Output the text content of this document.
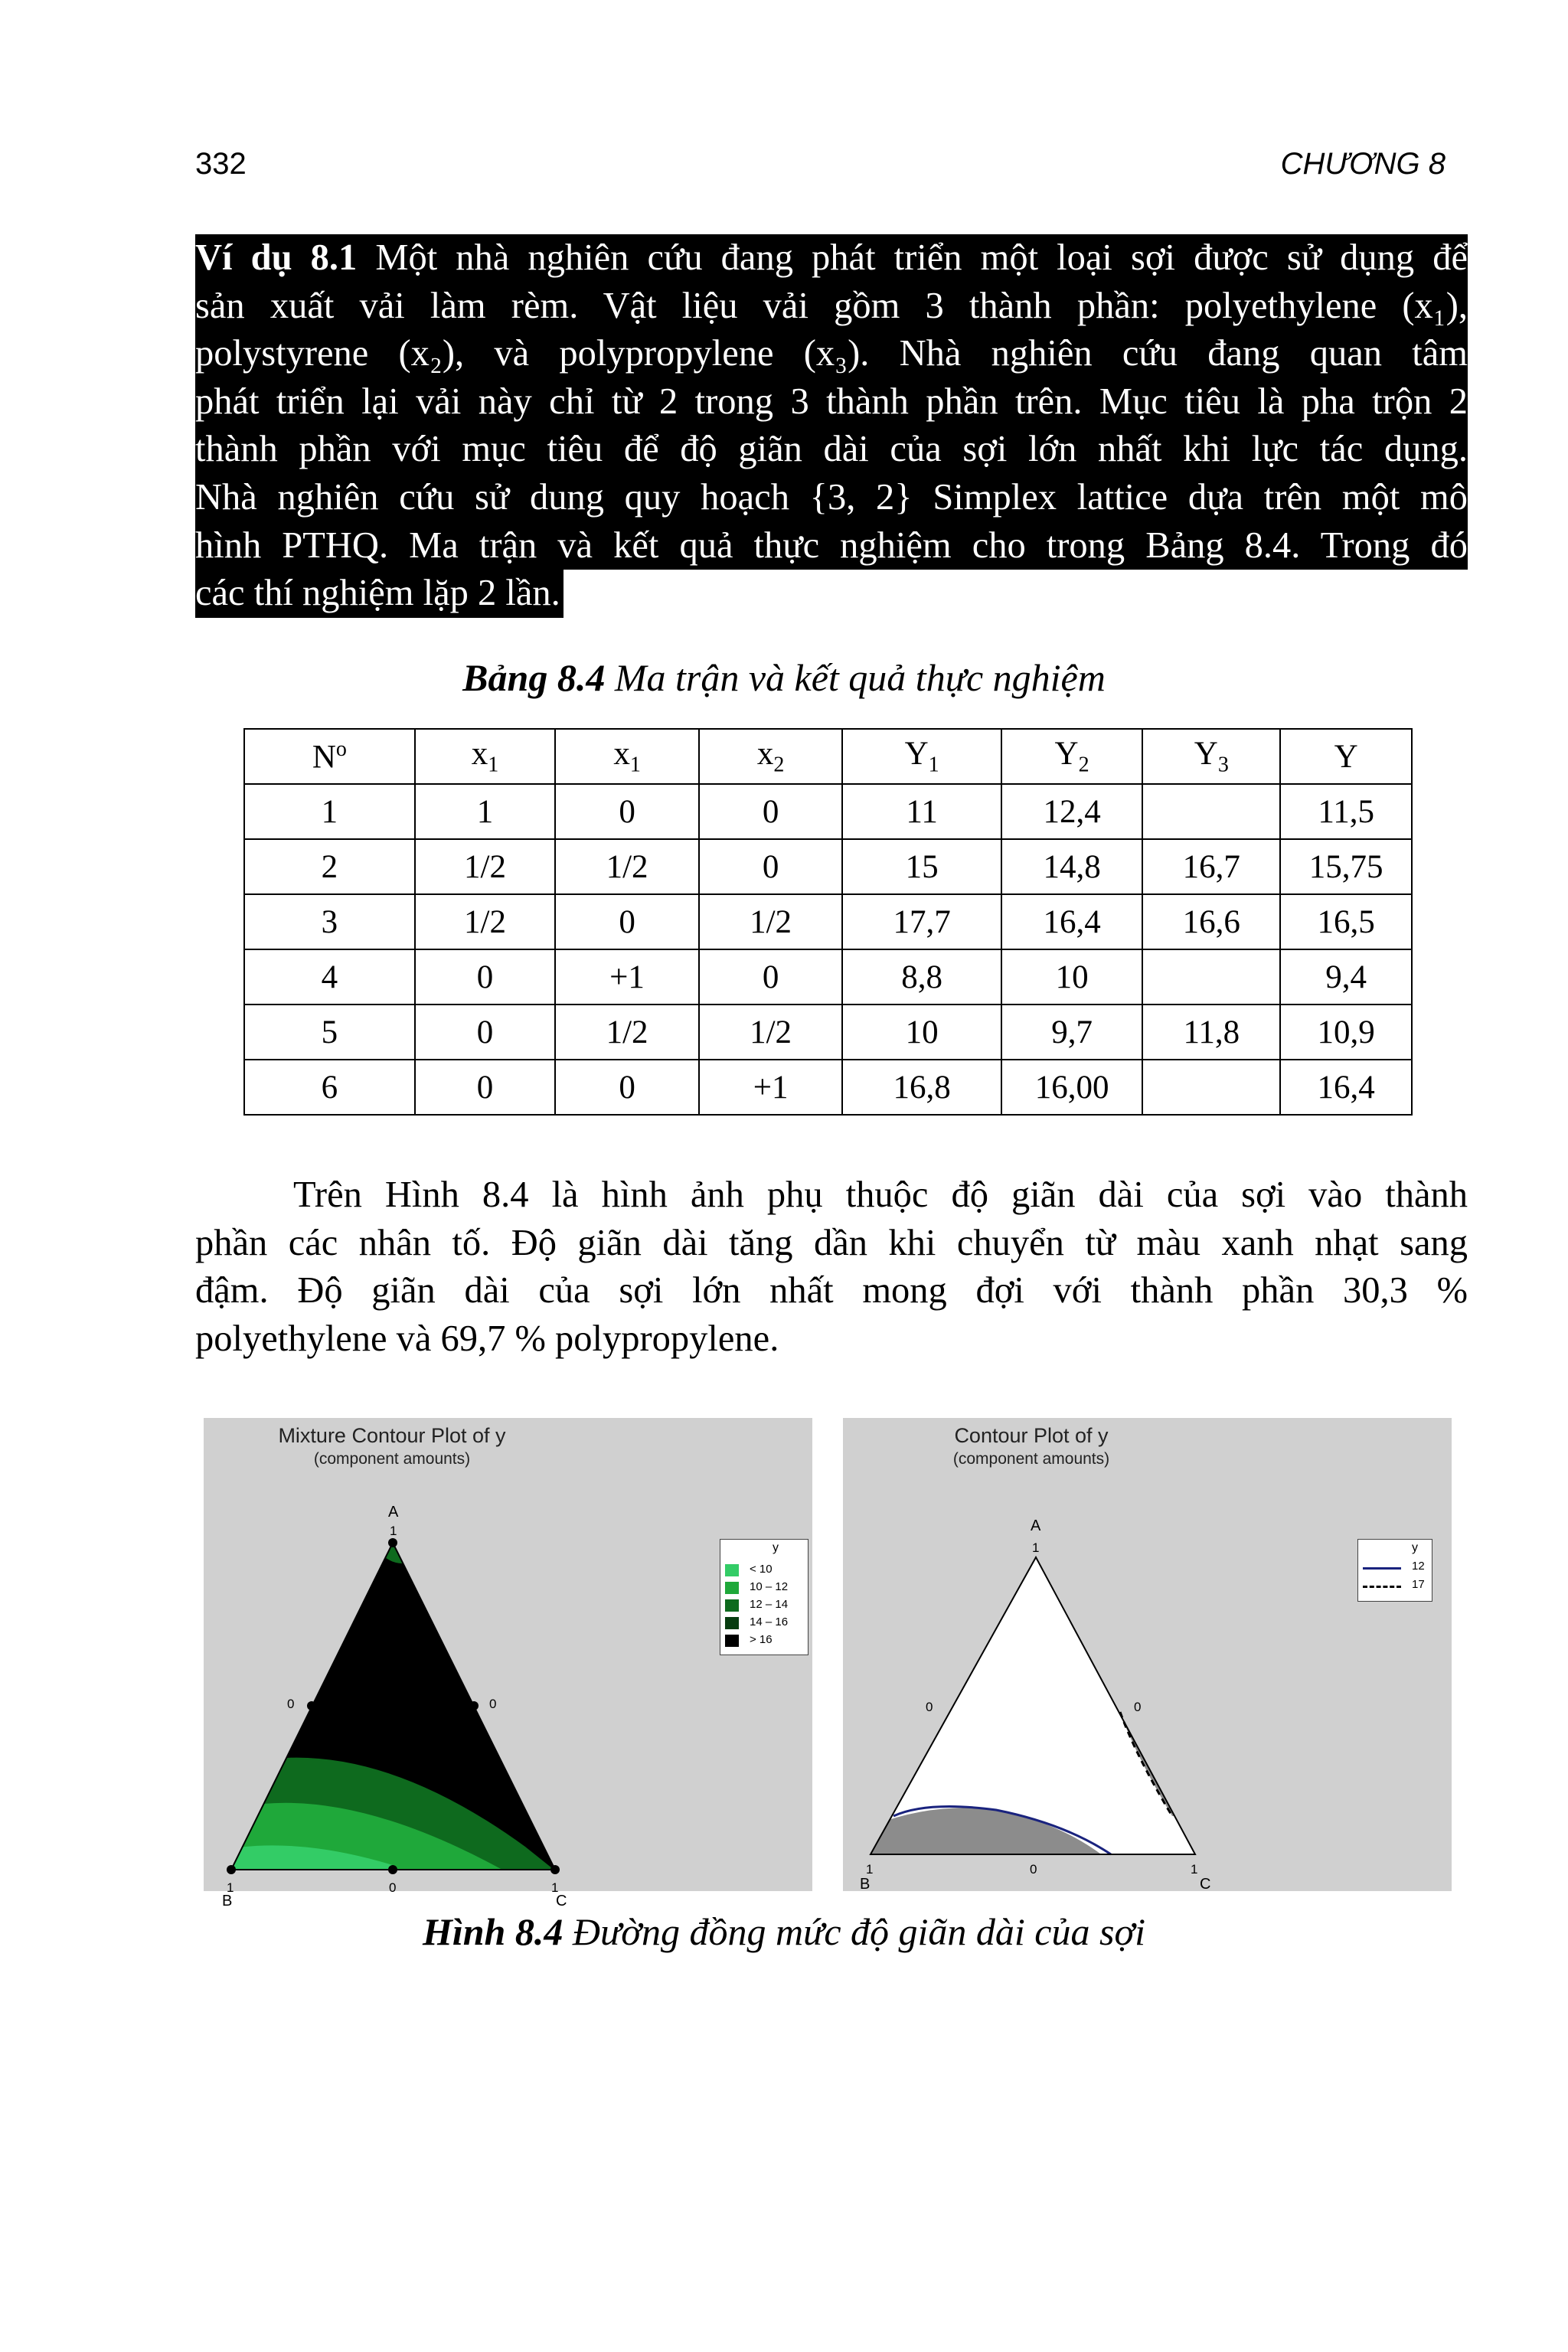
332	CHƯƠNG 8
Ví dụ 8.1 Một nhà nghiên cứu đang phát triển một loại sợi được sử dụng để
sản xuất vải làm rèm. Vật liệu vải gồm 3 thành phần: polyethylene (x₁),
polystyrene (x₂), và polypropylene (x₃). Nhà nghiên cứu đang quan tâm
phát triển lại vải này chỉ từ 2 trong 3 thành phần trên. Mục tiêu là pha trộn 2
thành phần với mục tiêu để độ giãn dài của sợi lớn nhất khi lực tác dụng.
Nhà nghiên cứu sử dung quy hoạch {3, 2} Simplex lattice dựa trên một mô
hình PTHQ. Ma trận và kết quả thực nghiệm cho trong Bảng 8.4. Trong đó
các thí nghiệm lặp 2 lần.
Bảng 8.4 Ma trận và kết quả thực nghiệm
$N^o$	$x_1$	$x_1$	$x_2$	$Y_1$	$Y_2$	$Y_3$	Y
1	1	0	0	11	12,4		11,5
2	1/2	1/2	0	15	14,8	16,7	15,75
3	1/2	0	1/2	17,7	16,4	16,6	16,5
4	0	+1	0	8,8	10		9,4
5	0	1/2	1/2	10	9,7	11,8	10,9
6	0	0	+1	16,8	16,00		16,4
Trên Hình 8.4 là hình ảnh phụ thuộc độ giãn dài của sợi vào thành
phần các nhân tố. Độ giãn dài tăng dần khi chuyển từ màu xanh nhạt sang
đậm. Độ giãn dài của sợi lớn nhất mong đợi với thành phần 30,3 %
polyethylene và 69,7 % polypropylene.
Mixture Contour Plot of y
(component amounts)
A
1
0	0
1	0	1
B	C
y
< 10
10 – 12
12 – 14
14 – 16
> 16
Contour Plot of y
(component amounts)
A
1
0	0
1	0	1
B	C
y
12
17
Hình 8.4 Đường đồng mức độ giãn dài của sợi
